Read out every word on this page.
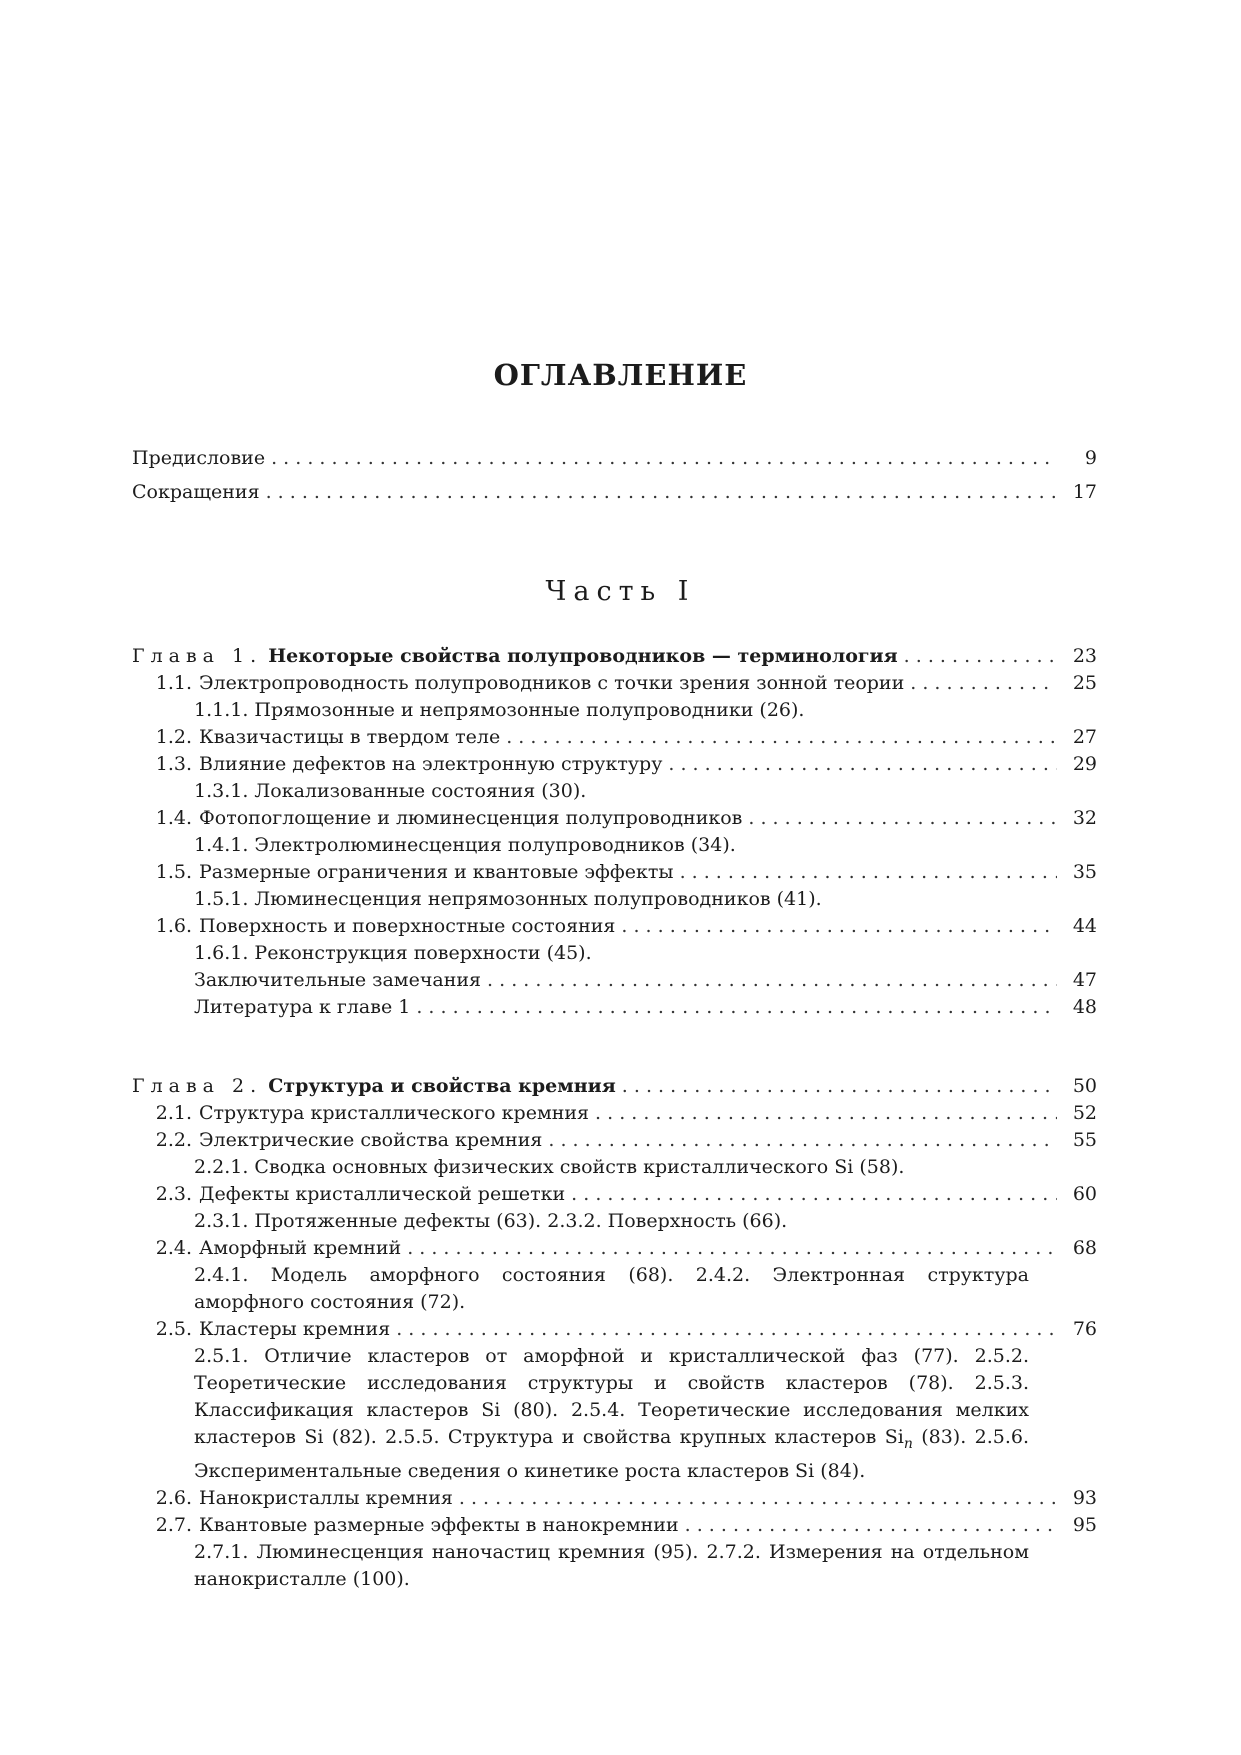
ОГЛАВЛЕНИЕ
Предисловие . . .	9
Сокращения . . .	17
Часть I
Глава 1. Некоторые свойства полупроводников — терминология . . .	23
1.1. Электропроводность полупроводников с точки зрения зонной теории . . .	25
1.1.1. Прямозонные и непрямозонные полупроводники (26).
1.2. Квазичастицы в твердом теле . . .	27
1.3. Влияние дефектов на электронную структуру . . .	29
1.3.1. Локализованные состояния (30).
1.4. Фотопоглощение и люминесценция полупроводников . . .	32
1.4.1. Электролюминесценция полупроводников (34).
1.5. Размерные ограничения и квантовые эффекты . . .	35
1.5.1. Люминесценция непрямозонных полупроводников (41).
1.6. Поверхность и поверхностные состояния . . .	44
1.6.1. Реконструкция поверхности (45).
Заключительные замечания . . .	47
Литература к главе 1 . . .	48
Глава 2. Структура и свойства кремния . . .	50
2.1. Структура кристаллического кремния . . .	52
2.2. Электрические свойства кремния . . .	55
2.2.1. Сводка основных физических свойств кристаллического Si (58).
2.3. Дефекты кристаллической решетки . . .	60
2.3.1. Протяженные дефекты (63). 2.3.2. Поверхность (66).
2.4. Аморфный кремний . . .	68
2.4.1. Модель аморфного состояния (68). 2.4.2. Электронная структура аморфного состояния (72).
2.5. Кластеры кремния . . .	76
2.5.1. Отличие кластеров от аморфной и кристаллической фаз (77). 2.5.2. Теоретические исследования структуры и свойств кластеров (78). 2.5.3. Классификация кластеров Si (80). 2.5.4. Теоретические исследования мелких кластеров Si (82). 2.5.5. Структура и свойства крупных кластеров $Si_n$ (83). 2.5.6. Экспериментальные сведения о кинетике роста кластеров Si (84).
2.6. Нанокристаллы кремния . . .	93
2.7. Квантовые размерные эффекты в нанокремнии . . .	95
2.7.1. Люминесценция наночастиц кремния (95). 2.7.2. Измерения на отдельном нанокристалле (100).
